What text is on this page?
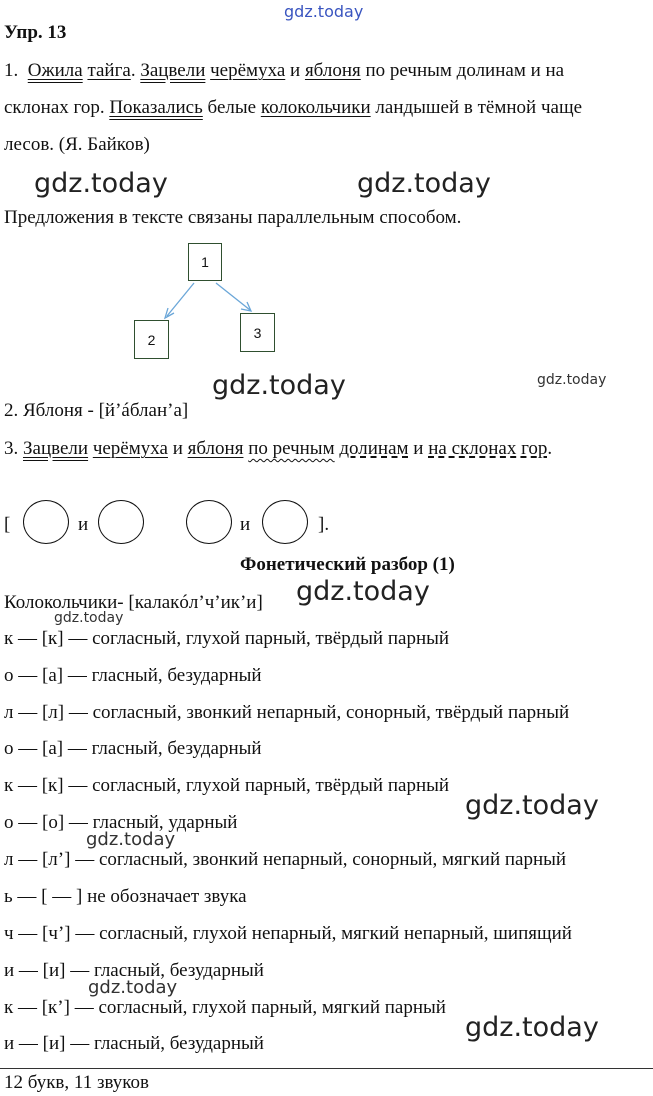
gdz.today
Упр. 13
1. Ожила тайга. Зацвели черёмуха и яблоня по речным долинам и на
склонах гор. Показались белые колокольчики ландышей в тёмной чаще
лесов. (Я. Байков)
gdz.today	gdz.today
Предложения в тексте связаны параллельным способом.
1
2	3
gdz.today	gdz.today
2. Яблоня - [й’áблан’а]
3. Зацвели черёмуха и яблоня по речным долинам и на склонах гор.
[	и	и	].
Фонетический разбор (1)
Колокольчики- [калакóл’ч’ик’и] gdz.today
gdz.today
к — [к] — согласный, глухой парный, твёрдый парный
о — [а] — гласный, безударный
л — [л] — согласный, звонкий непарный, сонорный, твёрдый парный
о — [а] — гласный, безударный
к — [к] — согласный, глухой парный, твёрдый парный
о — [о] — гласный, ударный
л — [л’] — согласный, звонкий непарный, сонорный, мягкий парный
ь — [ — ] не обозначает звука
ч — [ч’] — согласный, глухой непарный, мягкий непарный, шипящий
и — [и] — гласный, безударный
к — [к’] — согласный, глухой парный, мягкий парный
и — [и] — гласный, безударный
gdz.today
gdz.today
gdz.today
gdz.today
12 букв, 11 звуков
